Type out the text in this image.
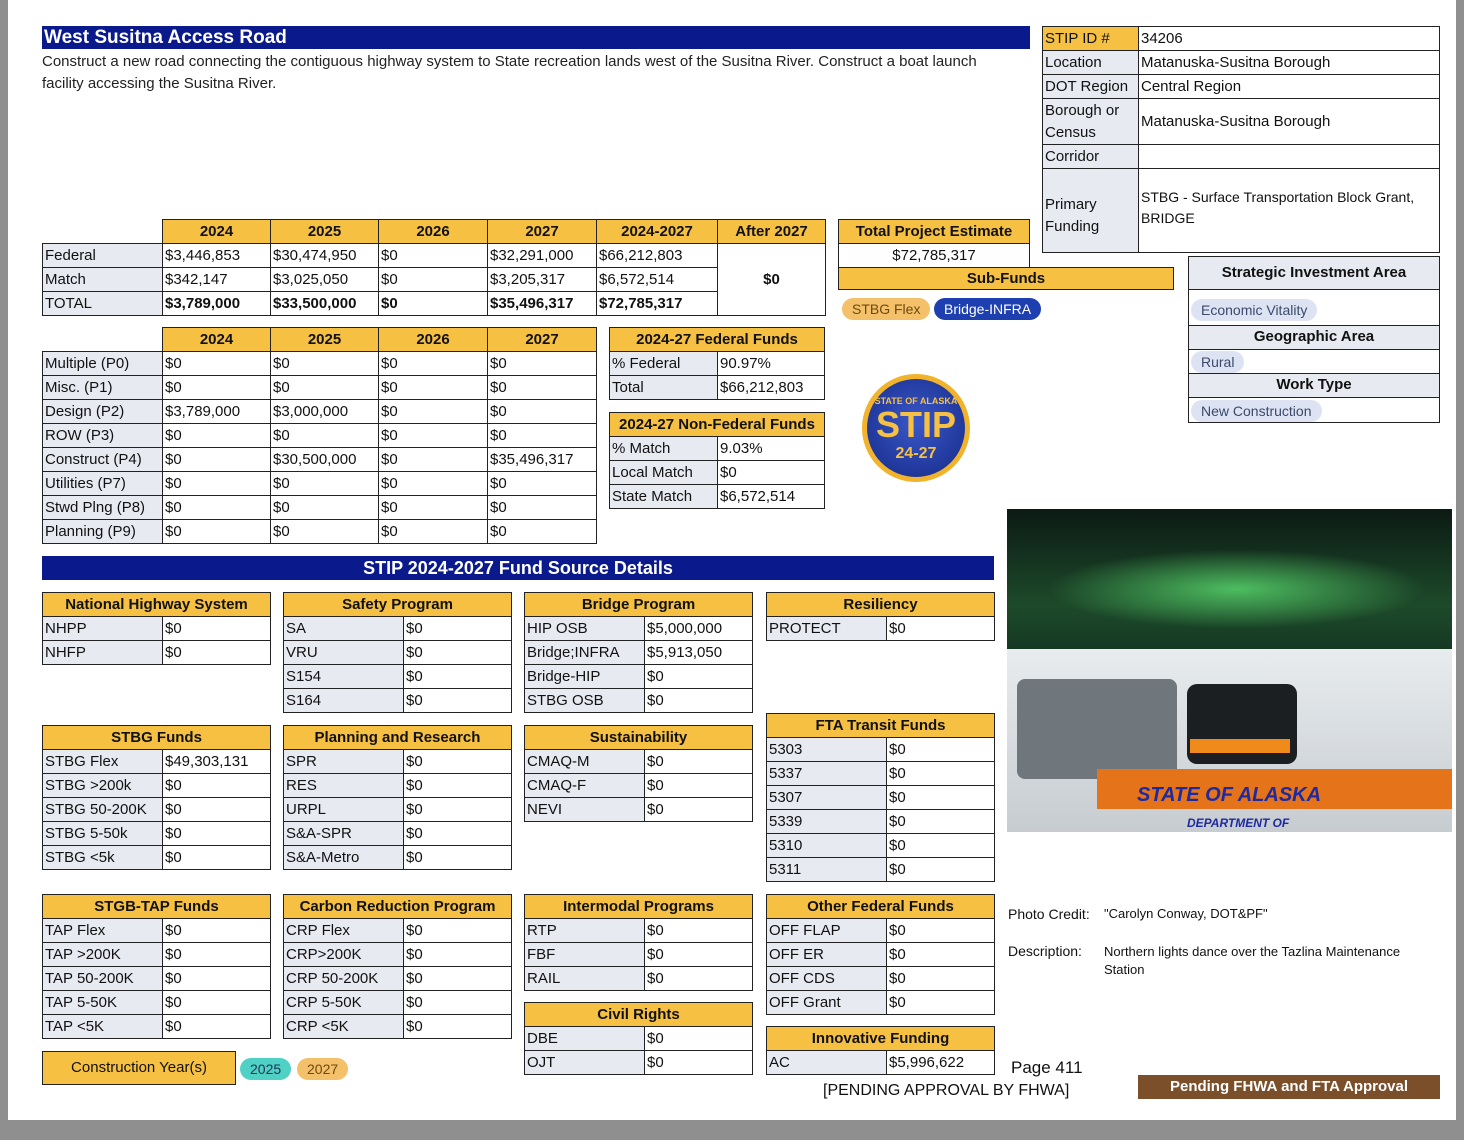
West Susitna Access Road
Construct a new road connecting the contiguous highway system to State recreation lands west of the Susitna River. Construct a boat launch facility accessing the Susitna River.
STIP ID #	34206
Location	Matanuska-Susitna Borough
DOT Region	Central Region
Borough or Census	Matanuska-Susitna Borough
Corridor	
Primary Funding	STBG - Surface Transportation Block Grant, BRIDGE
	2024	2025	2026	2027	2024-2027	After 2027
Federal	$3,446,853	$30,474,950	$0	$32,291,000	$66,212,803	$0
Match	$342,147	$3,025,050	$0	$3,205,317	$6,572,514	
TOTAL	$3,789,000	$33,500,000	$0	$35,496,317	$72,785,317	
Total Project Estimate
$72,785,317
Sub-Funds
STBG Flex	Bridge-INFRA
Strategic Investment Area
Economic Vitality
Geographic Area
Rural
Work Type
New Construction
	2024	2025	2026	2027
Multiple (P0)	$0	$0	$0	$0
Misc. (P1)	$0	$0	$0	$0
Design (P2)	$3,789,000	$3,000,000	$0	$0
ROW (P3)	$0	$0	$0	$0
Construct (P4)	$0	$30,500,000	$0	$35,496,317
Utilities (P7)	$0	$0	$0	$0
Stwd Plng (P8)	$0	$0	$0	$0
Planning (P9)	$0	$0	$0	$0
2024-27 Federal Funds	
% Federal	90.97%
Total	$66,212,803
2024-27 Non-Federal Funds	
% Match	9.03%
Local Match	$0
State Match	$6,572,514
STATE OF ALASKA
STIP
24-27
STATE OF ALASKA
DEPARTMENT OF
Photo Credit: "Carolyn Conway, DOT&PF"
Description: Northern lights dance over the Tazlina Maintenance Station
STIP 2024-2027 Fund Source Details
National Highway System	
NHPP	$0
NHFP	$0
Safety Program	
SA	$0
VRU	$0
S154	$0
S164	$0
Bridge Program	
HIP OSB	$5,000,000
Bridge;INFRA	$5,913,050
Bridge-HIP	$0
STBG OSB	$0
Resiliency
PROTECT	$0
STBG Funds	
STBG Flex	$49,303,131
STBG >200k	$0
STBG 50-200K	$0
STBG 5-50k	$0
STBG <5k	$0
Planning and Research	
SPR	$0
RES	$0
URPL	$0
S&A-SPR	$0
S&A-Metro	$0
Sustainability	
CMAQ-M	$0
CMAQ-F	$0
NEVI	$0
FTA Transit Funds	
5303	$0
5337	$0
5307	$0
5339	$0
5310	$0
5311	$0
STGB-TAP Funds	
TAP Flex	$0
TAP >200K	$0
TAP 50-200K	$0
TAP 5-50K	$0
TAP <5K	$0
Carbon Reduction Program	
CRP Flex	$0
CRP>200K	$0
CRP 50-200K	$0
CRP 5-50K	$0
CRP <5K	$0
Intermodal Programs	
RTP	$0
FBF	$0
RAIL	$0
Other Federal Funds	
OFF FLAP	$0
OFF ER	$0
OFF CDS	$0
OFF Grant	$0
Civil Rights	
DBE	$0
OJT	$0
Innovative Funding
AC	$5,996,622
Construction Year(s)	2025	2027	Page 411
[PENDING APPROVAL BY FHWA]	Pending FHWA and FTA Approval
